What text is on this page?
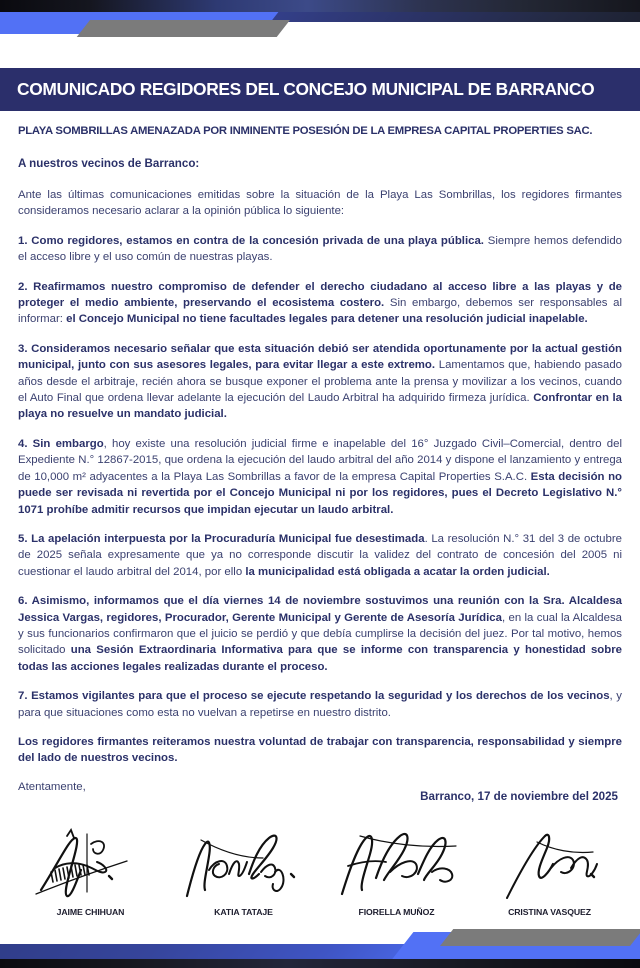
COMUNICADO REGIDORES DEL CONCEJO MUNICIPAL DE BARRANCO
PLAYA SOMBRILLAS AMENAZADA POR INMINENTE POSESIÓN DE LA EMPRESA CAPITAL PROPERTIES SAC.
A nuestros vecinos de Barranco:

Ante las últimas comunicaciones emitidas sobre la situación de la Playa Las Sombrillas, los regidores firmantes consideramos necesario aclarar a la opinión pública lo siguiente:

1. Como regidores, estamos en contra de la concesión privada de una playa pública. Siempre hemos defendido el acceso libre y el uso común de nuestras playas.

2. Reafirmamos nuestro compromiso de defender el derecho ciudadano al acceso libre a las playas y de proteger el medio ambiente, preservando el ecosistema costero. Sin embargo, debemos ser responsables al informar: el Concejo Municipal no tiene facultades legales para detener una resolución judicial inapelable.

3. Consideramos necesario señalar que esta situación debió ser atendida oportunamente por la actual gestión municipal, junto con sus asesores legales, para evitar llegar a este extremo. Lamentamos que, habiendo pasado años desde el arbitraje, recién ahora se busque exponer el problema ante la prensa y movilizar a los vecinos, cuando el Auto Final que ordena llevar adelante la ejecución del Laudo Arbitral ha adquirido firmeza jurídica. Confrontar en la playa no resuelve un mandato judicial.

4. Sin embargo, hoy existe una resolución judicial firme e inapelable del 16° Juzgado Civil–Comercial, dentro del Expediente N.° 12867-2015, que ordena la ejecución del laudo arbitral del año 2014 y dispone el lanzamiento y entrega de 10,000 m² adyacentes a la Playa Las Sombrillas a favor de la empresa Capital Properties S.A.C. Esta decisión no puede ser revisada ni revertida por el Concejo Municipal ni por los regidores, pues el Decreto Legislativo N.° 1071 prohíbe admitir recursos que impidan ejecutar un laudo arbitral.

5. La apelación interpuesta por la Procuraduría Municipal fue desestimada. La resolución N.° 31 del 3 de octubre de 2025 señala expresamente que ya no corresponde discutir la validez del contrato de concesión del 2005 ni cuestionar el laudo arbitral del 2014, por ello la municipalidad está obligada a acatar la orden judicial.

6. Asimismo, informamos que el día viernes 14 de noviembre sostuvimos una reunión con la Sra. Alcaldesa Jessica Vargas, regidores, Procurador, Gerente Municipal y Gerente de Asesoría Jurídica, en la cual la Alcaldesa y sus funcionarios confirmaron que el juicio se perdió y que debía cumplirse la decisión del juez. Por tal motivo, hemos solicitado una Sesión Extraordinaria Informativa para que se informe con transparencia y honestidad sobre todas las acciones legales realizadas durante el proceso.

7. Estamos vigilantes para que el proceso se ejecute respetando la seguridad y los derechos de los vecinos, y para que situaciones como esta no vuelvan a repetirse en nuestro distrito.

Los regidores firmantes reiteramos nuestra voluntad de trabajar con transparencia, responsabilidad y siempre del lado de nuestros vecinos.

Atentamente,

Barranco, 17 de noviembre del 2025
JAIME CHIHUAN	KATIA TATAJE	FIORELLA MUÑOZ	CRISTINA VASQUEZ
